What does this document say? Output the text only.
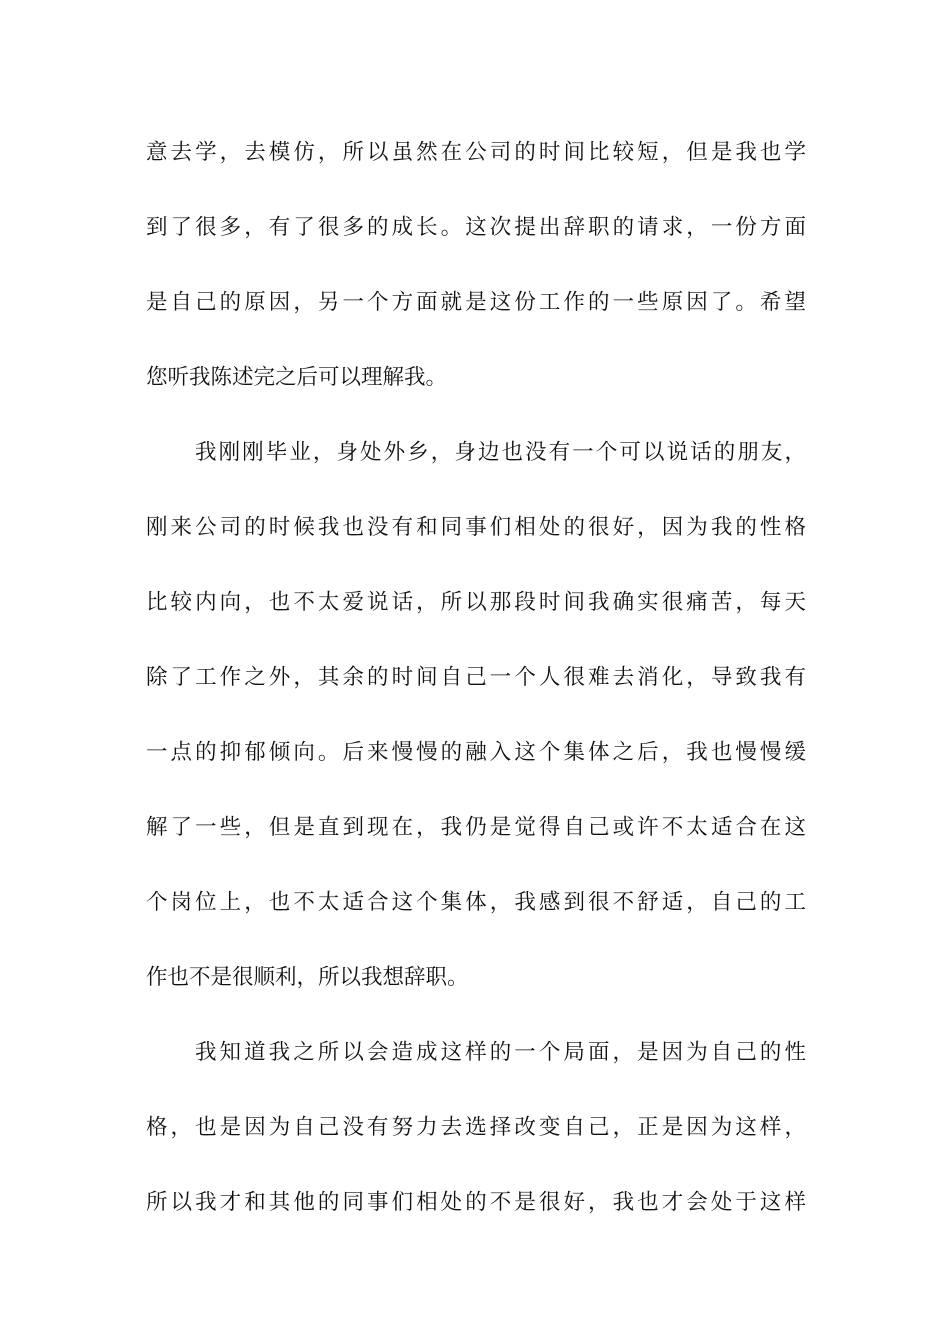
意去学，去模仿，所以虽然在公司的时间比较短，但是我也学
到了很多，有了很多的成长。这次提出辞职的请求，一份方面
是自己的原因，另一个方面就是这份工作的一些原因了。希望
您听我陈述完之后可以理解我。
我刚刚毕业，身处外乡，身边也没有一个可以说话的朋友，
刚来公司的时候我也没有和同事们相处的很好，因为我的性格
比较内向，也不太爱说话，所以那段时间我确实很痛苦，每天
除了工作之外，其余的时间自己一个人很难去消化，导致我有
一点的抑郁倾向。后来慢慢的融入这个集体之后，我也慢慢缓
解了一些，但是直到现在，我仍是觉得自己或许不太适合在这
个岗位上，也不太适合这个集体，我感到很不舒适，自己的工
作也不是很顺利，所以我想辞职。
我知道我之所以会造成这样的一个局面，是因为自己的性
格，也是因为自己没有努力去选择改变自己，正是因为这样，
所以我才和其他的同事们相处的不是很好，我也才会处于这样
